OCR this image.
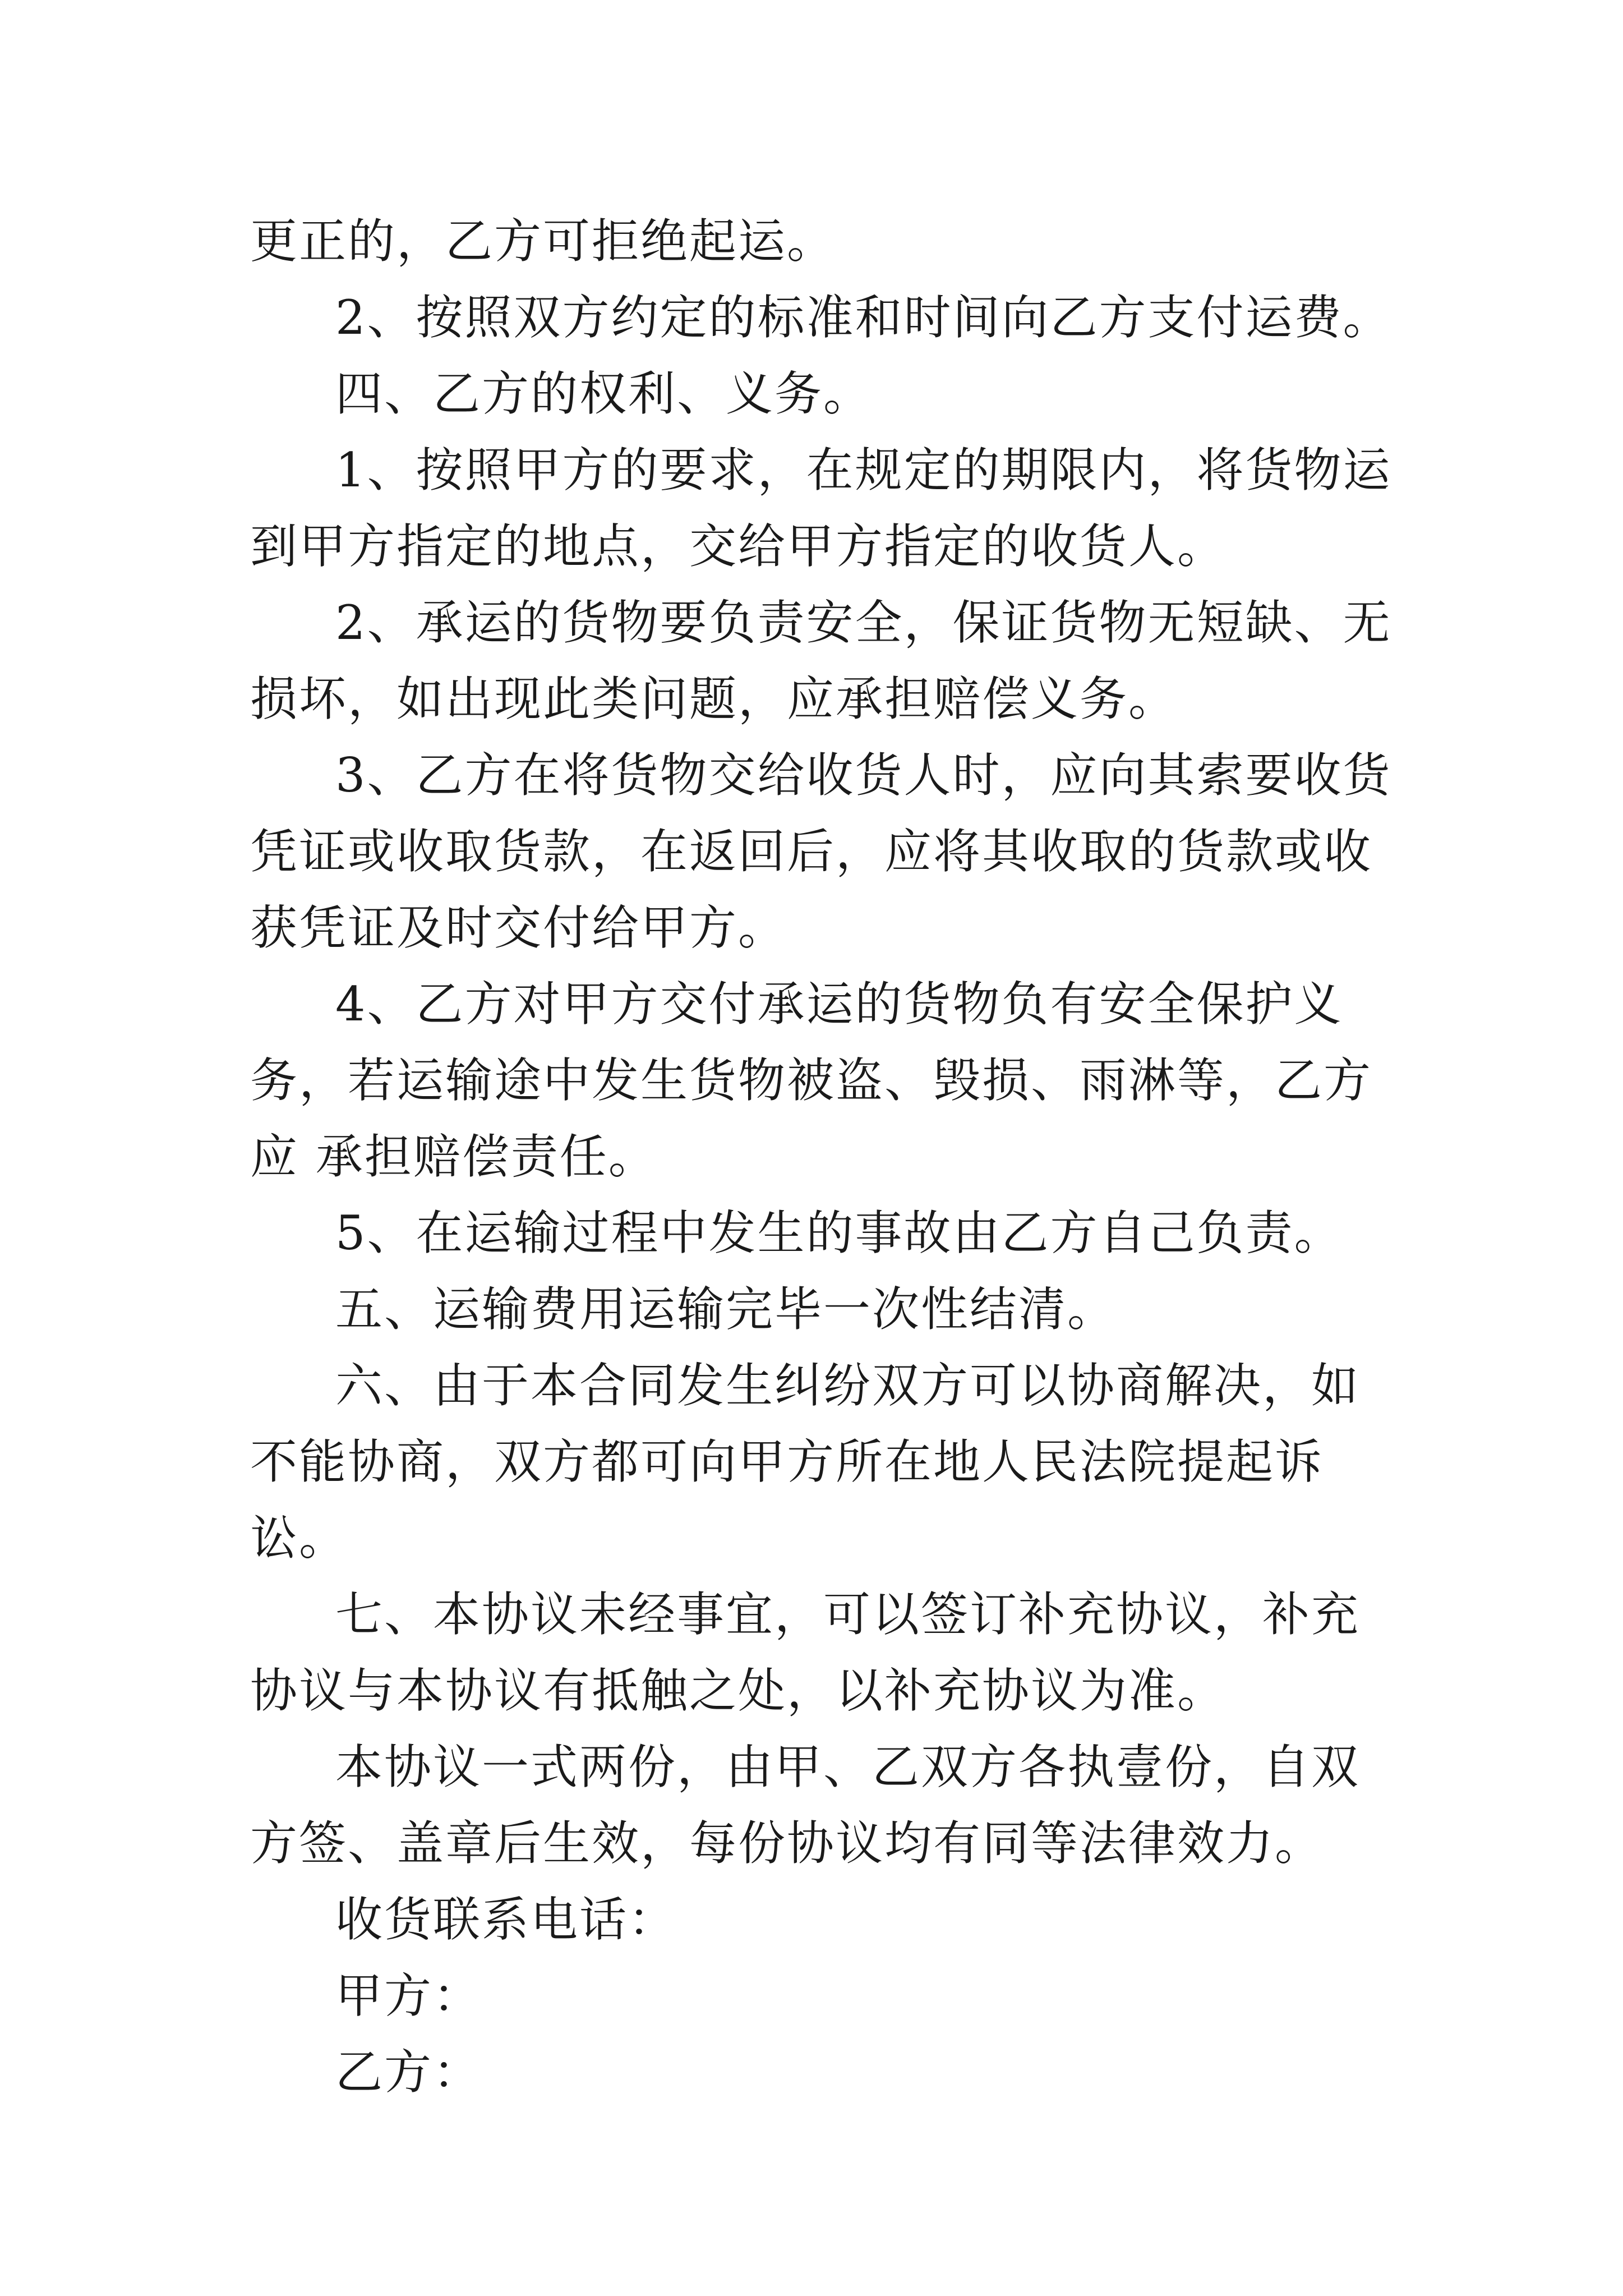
更正的，乙方可拒绝起运。

2、按照双方约定的标准和时间向乙方支付运费。

四、乙方的权利、义务。

1、按照甲方的要求，在规定的期限内，将货物运到甲方指定的地点，交给甲方指定的收货人。

2、承运的货物要负责安全，保证货物无短缺、无损坏，如出现此类问题，应承担赔偿义务。

3、乙方在将货物交给收货人时，应向其索要收货凭证或收取货款，在返回后，应将其收取的货款或收 获凭证及时交付给甲方。

4、乙方对甲方交付承运的货物负有安全保护义务，若运输途中发生货物被盗、毁损、雨淋等，乙方应 承担赔偿责任。

5、在运输过程中发生的事故由乙方自己负责。

五、运输费用运输完毕一次性结清。

六、由于本合同发生纠纷双方可以协商解决，如不能协商，双方都可向甲方所在地人民法院提起诉讼。

七、本协议未经事宜，可以签订补充协议，补充协议与本协议有抵触之处，以补充协议为准。

本协议一式两份，由甲、乙双方各执壹份，自双方签、盖章后生效，每份协议均有同等法律效力。

收货联系电话：

甲方：

乙方：
